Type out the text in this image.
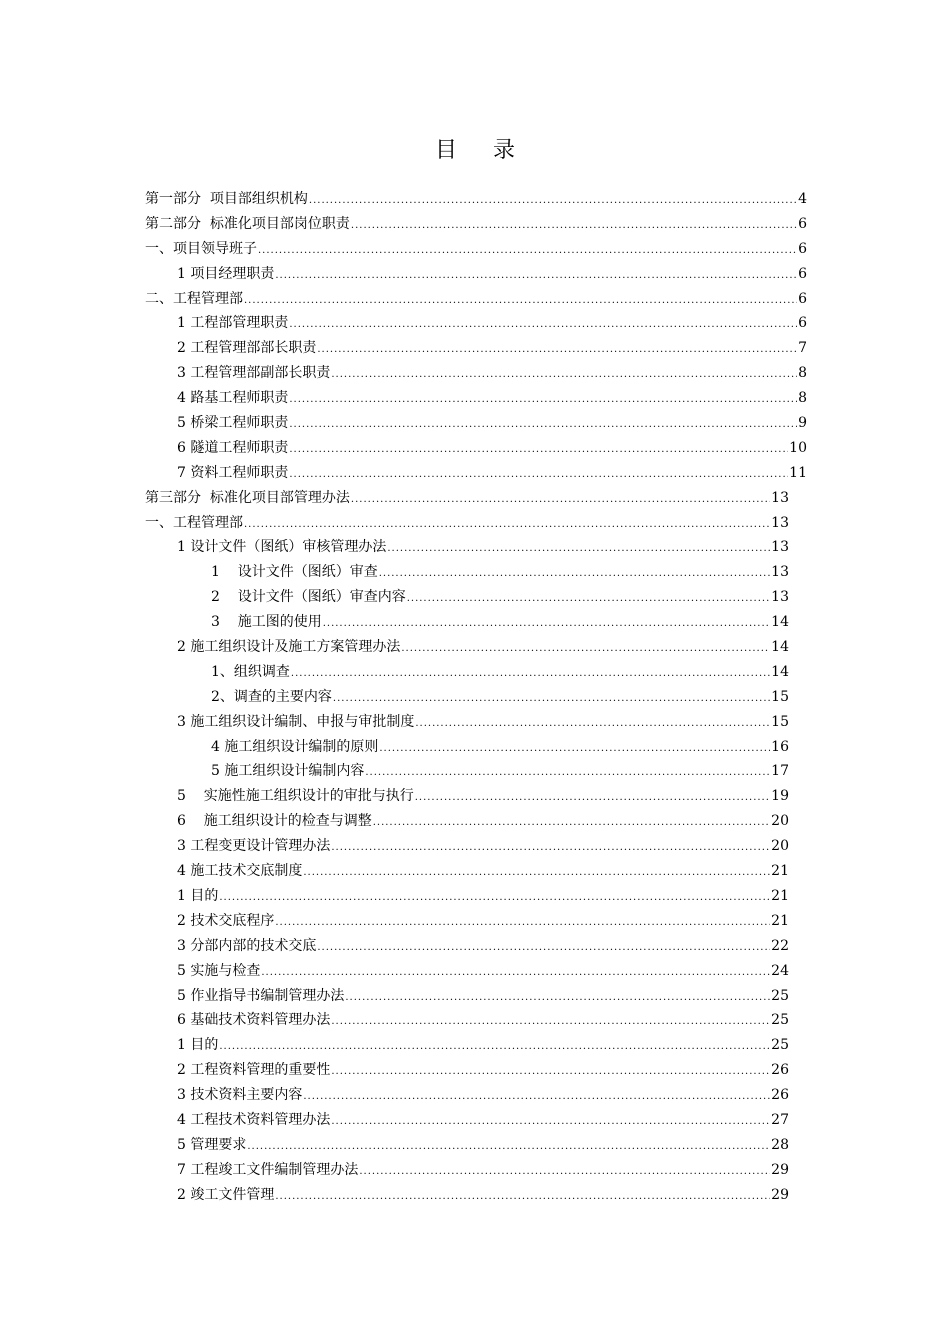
目录
第一部分  项目部组织机构 .....	4
第二部分  标准化项目部岗位职责 .....	6
一、项目领导班子 .....	6
1 项目经理职责 .....	6
二、工程管理部 .....	6
1 工程部管理职责 .....	6
2 工程管理部部长职责 .....	7
3 工程管理部副部长职责 .....	8
4 路基工程师职责 .....	8
5 桥梁工程师职责 .....	9
6 隧道工程师职责 .....	10
7 资料工程师职责 .....	11
第三部分  标准化项目部管理办法 .....	13
一、工程管理部 .....	13
1 设计文件（图纸）审核管理办法 .....	13
1    设计文件（图纸）审查 .....	13
2    设计文件（图纸）审查内容 .....	13
3    施工图的使用 .....	14
2 施工组织设计及施工方案管理办法 .....	14
1、组织调查 .....	14
2、调查的主要内容 .....	15
3 施工组织设计编制、申报与审批制度 .....	15
4 施工组织设计编制的原则 .....	16
5 施工组织设计编制内容 .....	17
5    实施性施工组织设计的审批与执行 .....	19
6    施工组织设计的检查与调整 .....	20
3 工程变更设计管理办法 .....	20
4 施工技术交底制度 .....	21
1 目的 .....	21
2 技术交底程序 .....	21
3 分部内部的技术交底 .....	22
5 实施与检查 .....	24
5 作业指导书编制管理办法 .....	25
6 基础技术资料管理办法 .....	25
1 目的 .....	25
2 工程资料管理的重要性 .....	26
3 技术资料主要内容 .....	26
4 工程技术资料管理办法 .....	27
5 管理要求 .....	28
7 工程竣工文件编制管理办法 .....	29
2 竣工文件管理 .....	29
